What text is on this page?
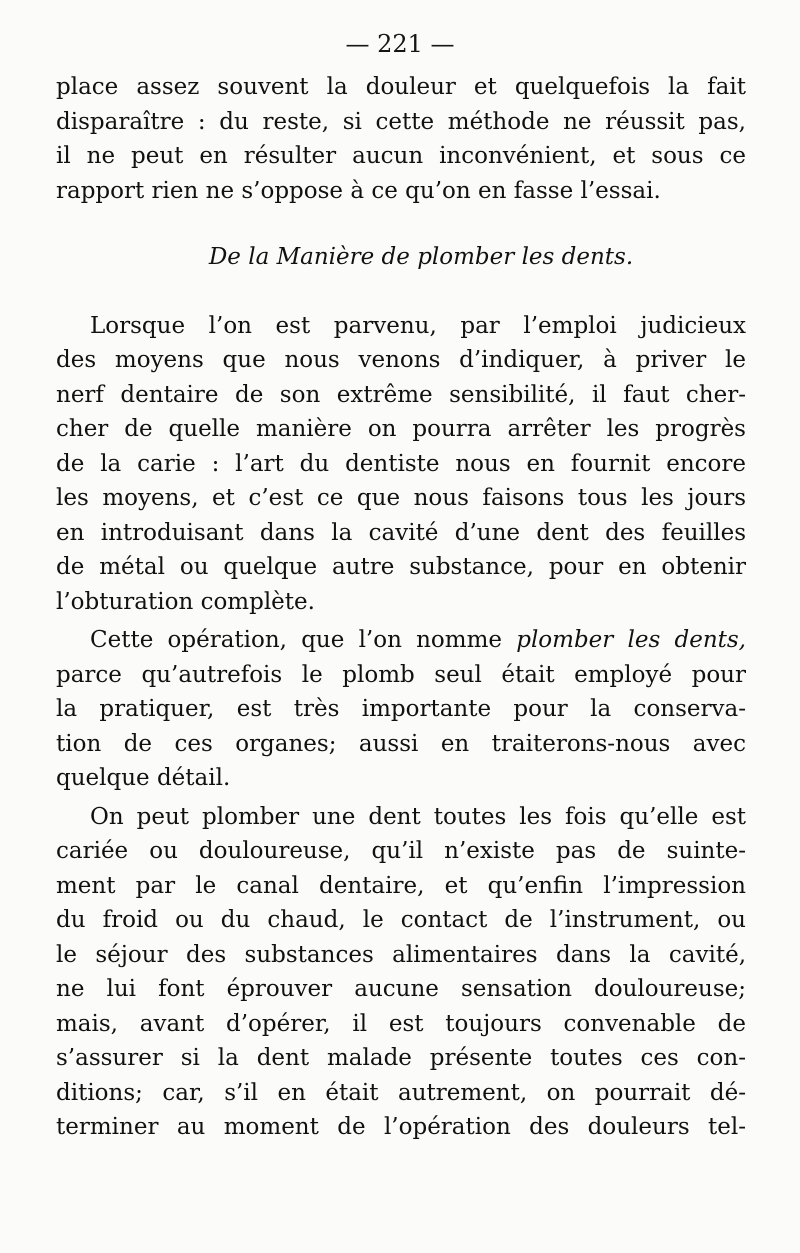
— 221 —

place assez souvent la douleur et quelquefois la fait
disparaître : du reste, si cette méthode ne réussit pas,
il ne peut en résulter aucun inconvénient, et sous ce
rapport rien ne s’oppose à ce qu’on en fasse l’essai.

De la Manière de plomber les dents.

Lorsque l’on est parvenu, par l’emploi judicieux
des moyens que nous venons d’indiquer, à priver le
nerf dentaire de son extrême sensibilité, il faut cher-
cher de quelle manière on pourra arrêter les progrès
de la carie : l’art du dentiste nous en fournit encore
les moyens, et c’est ce que nous faisons tous les jours
en introduisant dans la cavité d’une dent des feuilles
de métal ou quelque autre substance, pour en obtenir
l’obturation complète.

Cette opération, que l’on nomme plomber les dents,
parce qu’autrefois le plomb seul était employé pour
la pratiquer, est très importante pour la conserva-
tion de ces organes; aussi en traiterons-nous avec
quelque détail.

On peut plomber une dent toutes les fois qu’elle est
cariée ou douloureuse, qu’il n’existe pas de suinte-
ment par le canal dentaire, et qu’enfin l’impression
du froid ou du chaud, le contact de l’instrument, ou
le séjour des substances alimentaires dans la cavité,
ne lui font éprouver aucune sensation douloureuse;
mais, avant d’opérer, il est toujours convenable de
s’assurer si la dent malade présente toutes ces con-
ditions; car, s’il en était autrement, on pourrait dé-
terminer au moment de l’opération des douleurs tel-
